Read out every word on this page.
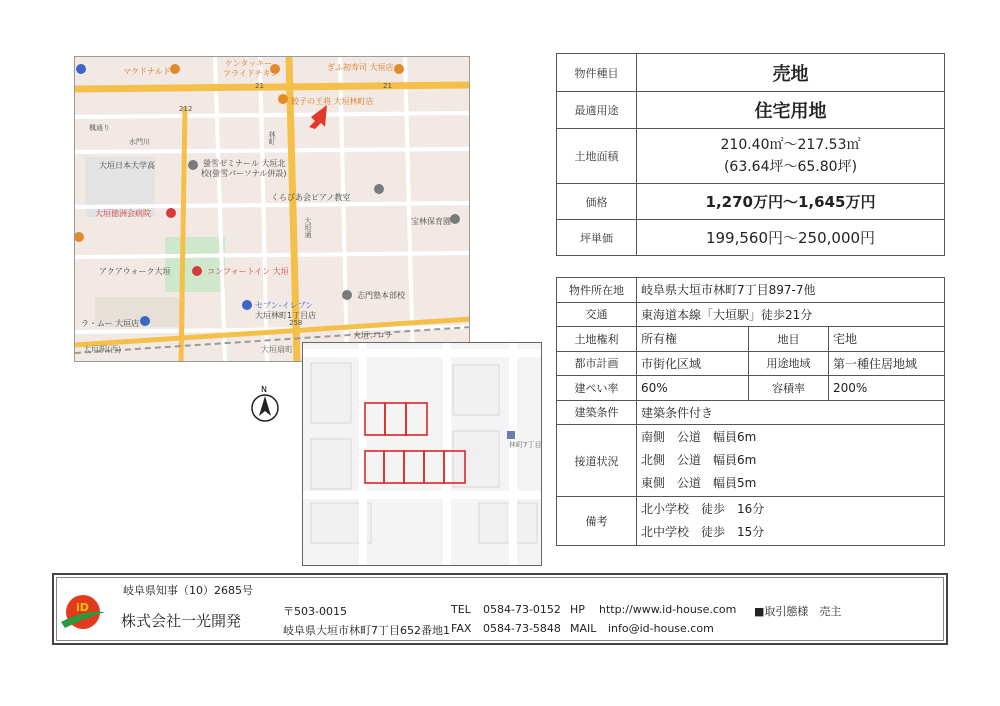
マクドナルド
ケンタッキー
フライドチキン
ぎふ初寿司 大垣店
餃子の王将 大垣林町店
21	21
212
楓通り
水門川
大垣日本大学高	螢雪ゼミナール 大垣北
校(螢雪パーソナル併設)
くらびあ会ピアノ教室
宝林保育園
大垣徳洲会病院
アクアウォーク大垣	コンフォートイン 大垣
志門塾本部校
セブン-イレブン
大垣林町1丁目店
ラ・ムー 大垣店
大垣コロナ
大垣駅(西)	大垣扇町
258
大垣通
林町
N
林町7丁目
物件種目	売地
最適用途	住宅用地
土地面積	210.40㎡～217.53㎡
(63.64坪～65.80坪)

価格	1,270万円～1,645万円
坪単価	199,560円～250,000円
物件所在地	岐阜県大垣市林町7丁目897-7他		
交通	東海道本線「大垣駅」徒歩21分		
土地権利	所有権	地目	宅地
都市計画	市街化区域	用途地域	第一種住居地域
建ぺい率	60%	容積率	200%
建築条件	建築条件付き		
接道状況	南側　公道　幅員6m
北側　公道　幅員6m
東側　公道　幅員5m		

備考	北小学校　徒歩　16分
北中学校　徒歩　15分		
岐阜県知事（10）2685号
iD
株式会社一光開発
〒503-0015
岐阜県大垣市林町7丁目652番地1
TEL 0584-73-0152
FAX 0584-73-5848
HP http://www.id-house.com
MAIL info@id-house.com
■取引態様　売主
